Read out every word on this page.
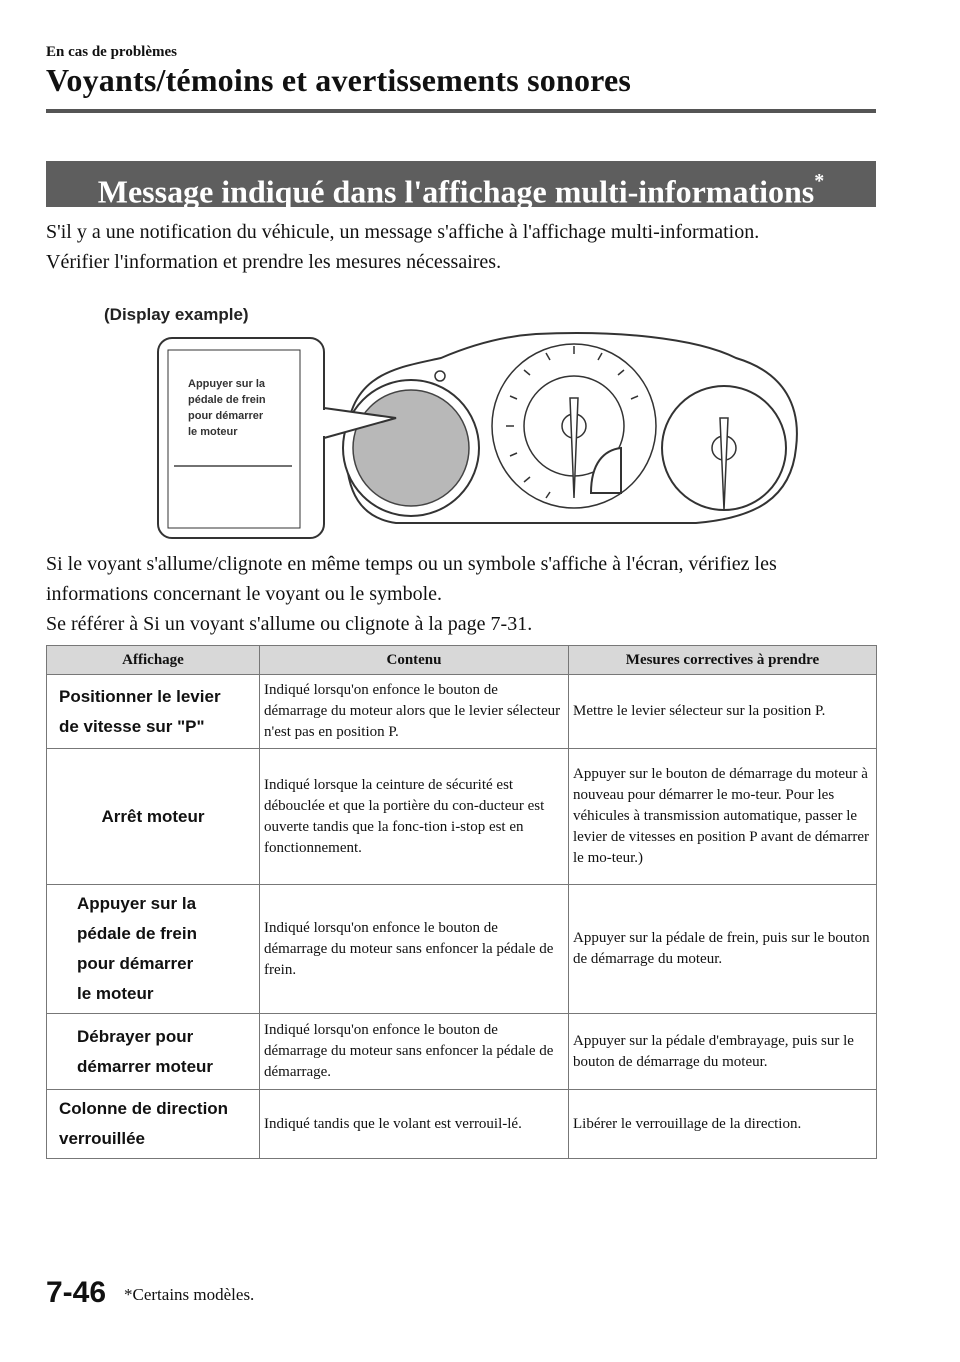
En cas de problèmes
Voyants/témoins et avertissements sonores
Message indiqué dans l'affichage multi-informations*
S'il y a une notification du véhicule, un message s'affiche à l'affichage multi-information.
Vérifier l'information et prendre les mesures nécessaires.
(Display example)
Appuyer sur la pédale de frein pour démarrer le moteur
Si le voyant s'allume/clignote en même temps ou un symbole s'affiche à l'écran, vérifiez les
informations concernant le voyant ou le symbole.
Se référer à Si un voyant s'allume ou clignote à la page 7-31.
Affichage	Contenu	Mesures correctives à prendre

Positionner le levier
de vitesse sur "P"	Indiqué lorsqu'on enfonce le bouton de démarrage du moteur alors que le levier sélecteur n'est pas en position P.	Mettre le levier sélecteur sur la position P.

Arrêt moteur	Indiqué lorsque la ceinture de sécurité est débouclée et que la portière du con-ducteur est ouverte tandis que la fonc-tion i-stop est en fonctionnement.	Appuyer sur le bouton de démarrage du moteur à nouveau pour démarrer le mo-teur. Pour les véhicules à transmission automatique, passer le levier de vitesses en position P avant de démarrer le mo-teur.)

Appuyer sur la
pédale de frein
pour démarrer
le moteur	Indiqué lorsqu'on enfonce le bouton de démarrage du moteur sans enfoncer la pédale de frein.	Appuyer sur la pédale de frein, puis sur le bouton de démarrage du moteur.

Débrayer pour
démarrer moteur	Indiqué lorsqu'on enfonce le bouton de démarrage du moteur sans enfoncer la pédale de démarrage.	Appuyer sur la pédale d'embrayage, puis sur le bouton de démarrage du moteur.

Colonne de direction
verrouillée	Indiqué tandis que le volant est verrouil-lé.	Libérer le verrouillage de la direction.
7-46 *Certains modèles.
